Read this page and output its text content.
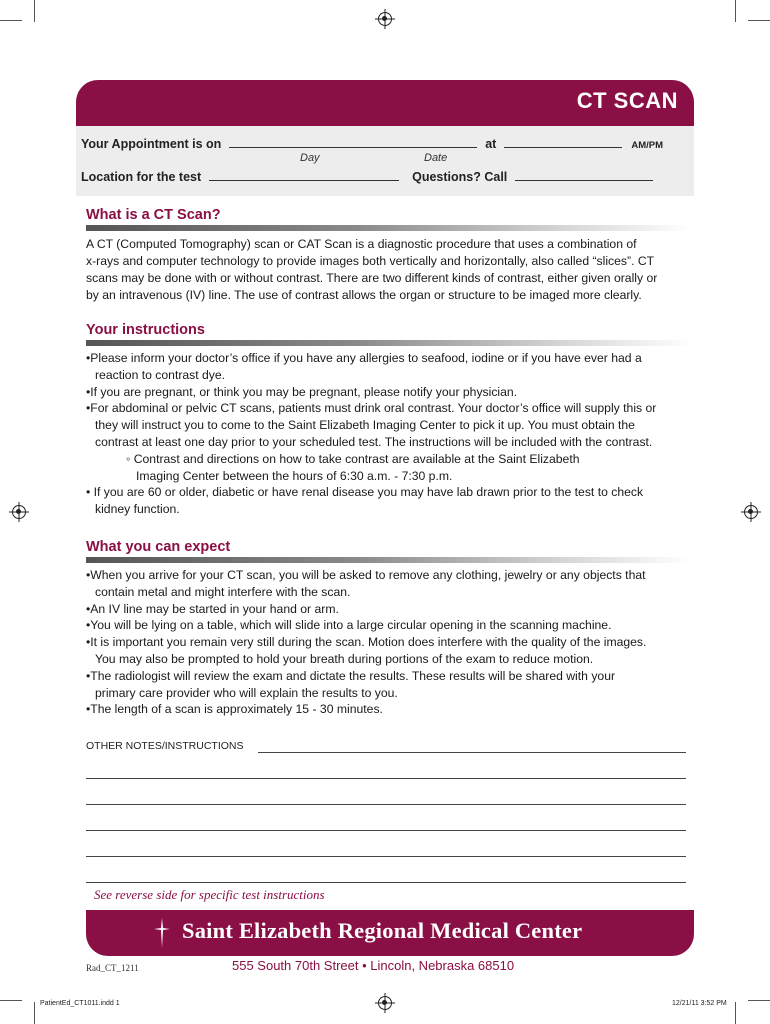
CT SCAN
Your Appointment is on	at	AM/PM
Day	Date
Location for the test	Questions? Call
What is a CT Scan?
A CT (Computed Tomography) scan or CAT Scan is a diagnostic procedure that uses a combination of
x-rays and computer technology to provide images both vertically and horizontally, also called “slices”. CT
scans may be done with or without contrast. There are two different kinds of contrast, either given orally or
by an intravenous (IV) line. The use of contrast allows the organ or structure to be imaged more clearly.
Your instructions
•Please inform your doctor’s office if you have any allergies to seafood, iodine or if you have ever had a
reaction to contrast dye.
•If you are pregnant, or think you may be pregnant, please notify your physician.
•For abdominal or pelvic CT scans, patients must drink oral contrast. Your doctor’s office will supply this or
they will instruct you to come to the Saint Elizabeth Imaging Center to pick it up. You must obtain the
contrast at least one day prior to your scheduled test. The instructions will be included with the contrast.
◦ Contrast and directions on how to take contrast are available at the Saint Elizabeth
Imaging Center between the hours of 6:30 a.m. - 7:30 p.m.
• If you are 60 or older, diabetic or have renal disease you may have lab drawn prior to the test to check
kidney function.
What you can expect
•When you arrive for your CT scan, you will be asked to remove any clothing, jewelry or any objects that
contain metal and might interfere with the scan.
•An IV line may be started in your hand or arm.
•You will be lying on a table, which will slide into a large circular opening in the scanning machine.
•It is important you remain very still during the scan. Motion does interfere with the quality of the images.
You may also be prompted to hold your breath during portions of the exam to reduce motion.
•The radiologist will review the exam and dictate the results. These results will be shared with your
primary care provider who will explain the results to you.
•The length of a scan is approximately 15 - 30 minutes.
OTHER NOTES/INSTRUCTIONS
See reverse side for specific test instructions
Saint Elizabeth Regional Medical Center
Rad_CT_1211	555 South 70th Street • Lincoln, Nebraska 68510
PatientEd_CT1011.indd 1	12/21/11 3:52 PM
